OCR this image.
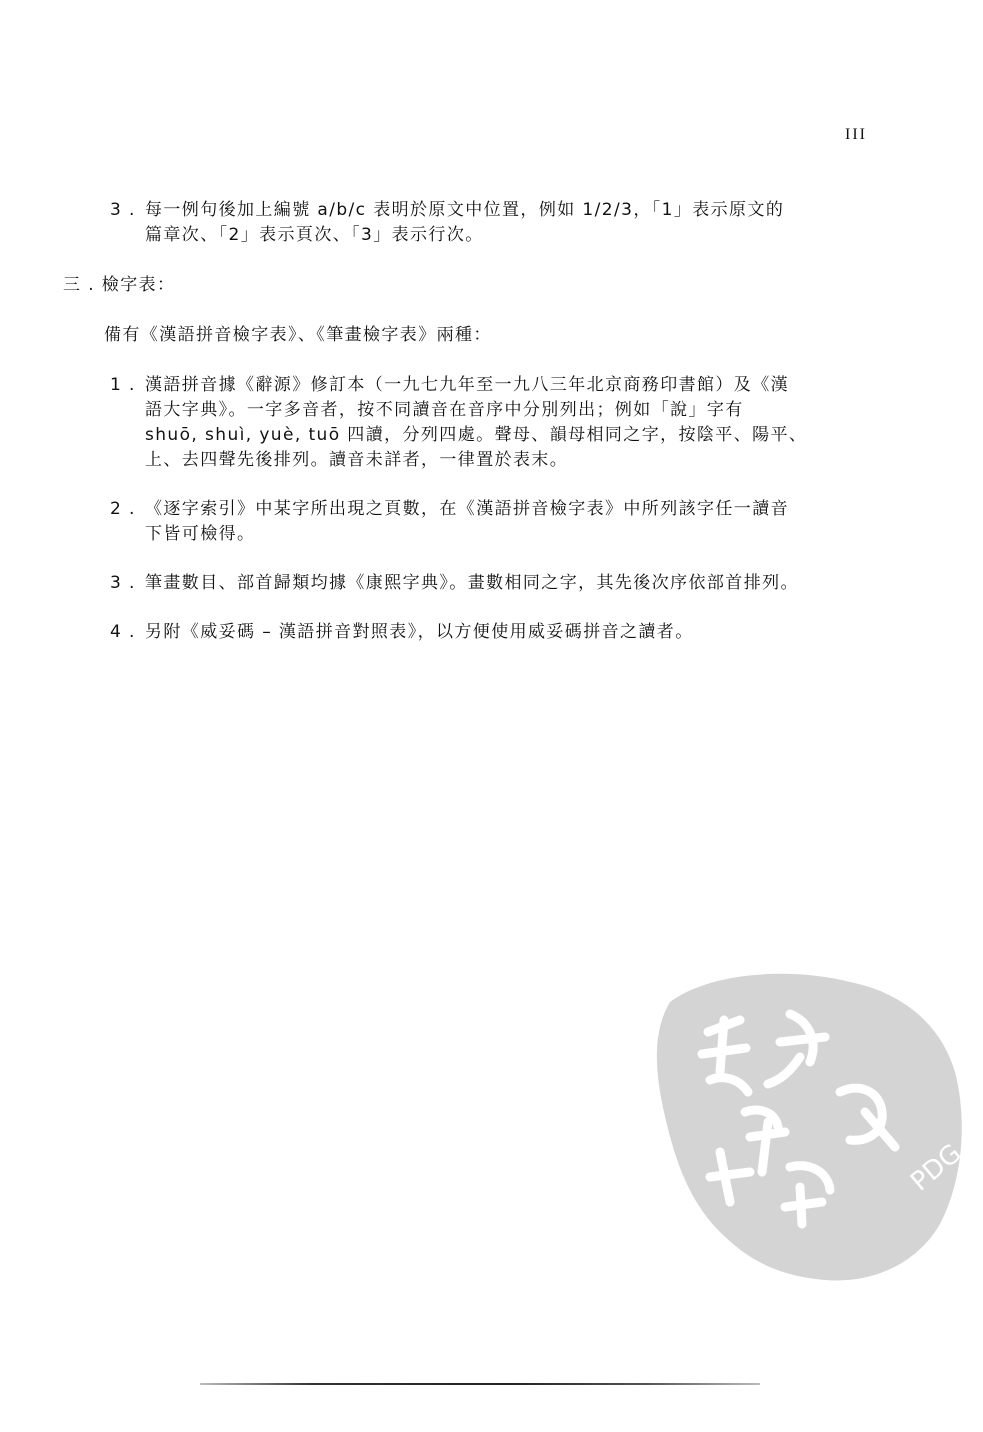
III
3 . 每一例句後加上編號 a/b/c 表明於原文中位置，例如 1/2/3，「1」表示原文的
篇章次、「2」表示頁次、「3」表示行次。
三 . 檢字表：
備有《漢語拼音檢字表》、《筆畫檢字表》兩種：
1 . 漢語拼音據《辭源》修訂本（一九七九年至一九八三年北京商務印書館）及《漢
語大字典》。一字多音者，按不同讀音在音序中分別列出；例如「說」字有
shuō, shuì, yuè, tuō 四讀，分列四處。聲母、韻母相同之字，按陰平、陽平、
上、去四聲先後排列。讀音未詳者，一律置於表末。
2 . 《逐字索引》中某字所出現之頁數，在《漢語拼音檢字表》中所列該字任一讀音
下皆可檢得。
3 . 筆畫數目、部首歸類均據《康熙字典》。畫數相同之字，其先後次序依部首排列。
4 . 另附《威妥碼 – 漢語拼音對照表》，以方便使用威妥碼拼音之讀者。
PDG
